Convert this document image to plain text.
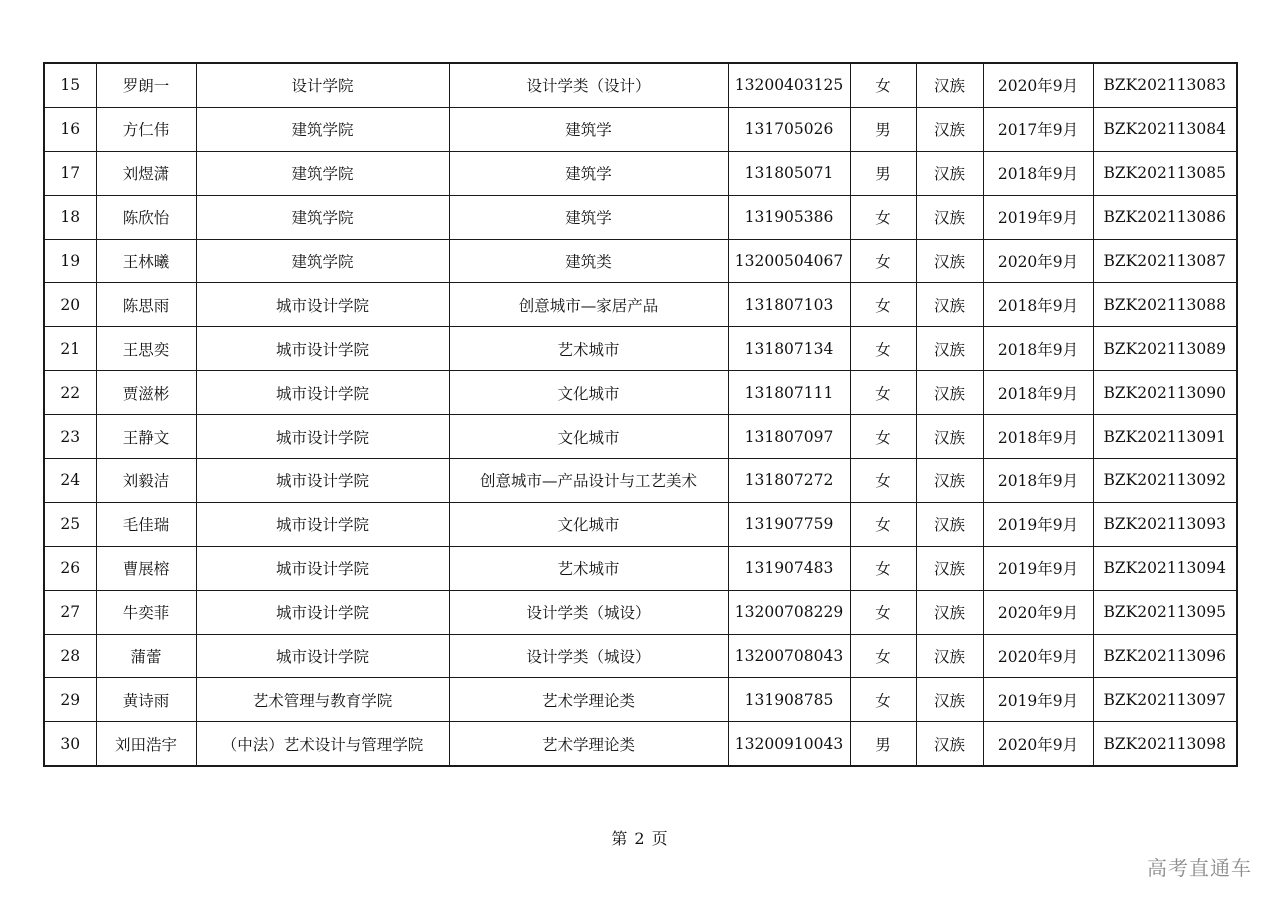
15	罗朗一	设计学院	设计学类（设计）	13200403125	女	汉族	2020年9月	BZK202113083
16	方仁伟	建筑学院	建筑学	131705026	男	汉族	2017年9月	BZK202113084
17	刘煜潇	建筑学院	建筑学	131805071	男	汉族	2018年9月	BZK202113085
18	陈欣怡	建筑学院	建筑学	131905386	女	汉族	2019年9月	BZK202113086
19	王林曦	建筑学院	建筑类	13200504067	女	汉族	2020年9月	BZK202113087
20	陈思雨	城市设计学院	创意城市—家居产品	131807103	女	汉族	2018年9月	BZK202113088
21	王思奕	城市设计学院	艺术城市	131807134	女	汉族	2018年9月	BZK202113089
22	贾滋彬	城市设计学院	文化城市	131807111	女	汉族	2018年9月	BZK202113090
23	王静文	城市设计学院	文化城市	131807097	女	汉族	2018年9月	BZK202113091
24	刘毅洁	城市设计学院	创意城市—产品设计与工艺美术	131807272	女	汉族	2018年9月	BZK202113092
25	毛佳瑞	城市设计学院	文化城市	131907759	女	汉族	2019年9月	BZK202113093
26	曹展榕	城市设计学院	艺术城市	131907483	女	汉族	2019年9月	BZK202113094
27	牛奕菲	城市设计学院	设计学类（城设）	13200708229	女	汉族	2020年9月	BZK202113095
28	蒲蕾	城市设计学院	设计学类（城设）	13200708043	女	汉族	2020年9月	BZK202113096
29	黄诗雨	艺术管理与教育学院	艺术学理论类	131908785	女	汉族	2019年9月	BZK202113097
30	刘田浩宇	（中法）艺术设计与管理学院	艺术学理论类	13200910043	男	汉族	2020年9月	BZK202113098
第 2 页
高考直通车
